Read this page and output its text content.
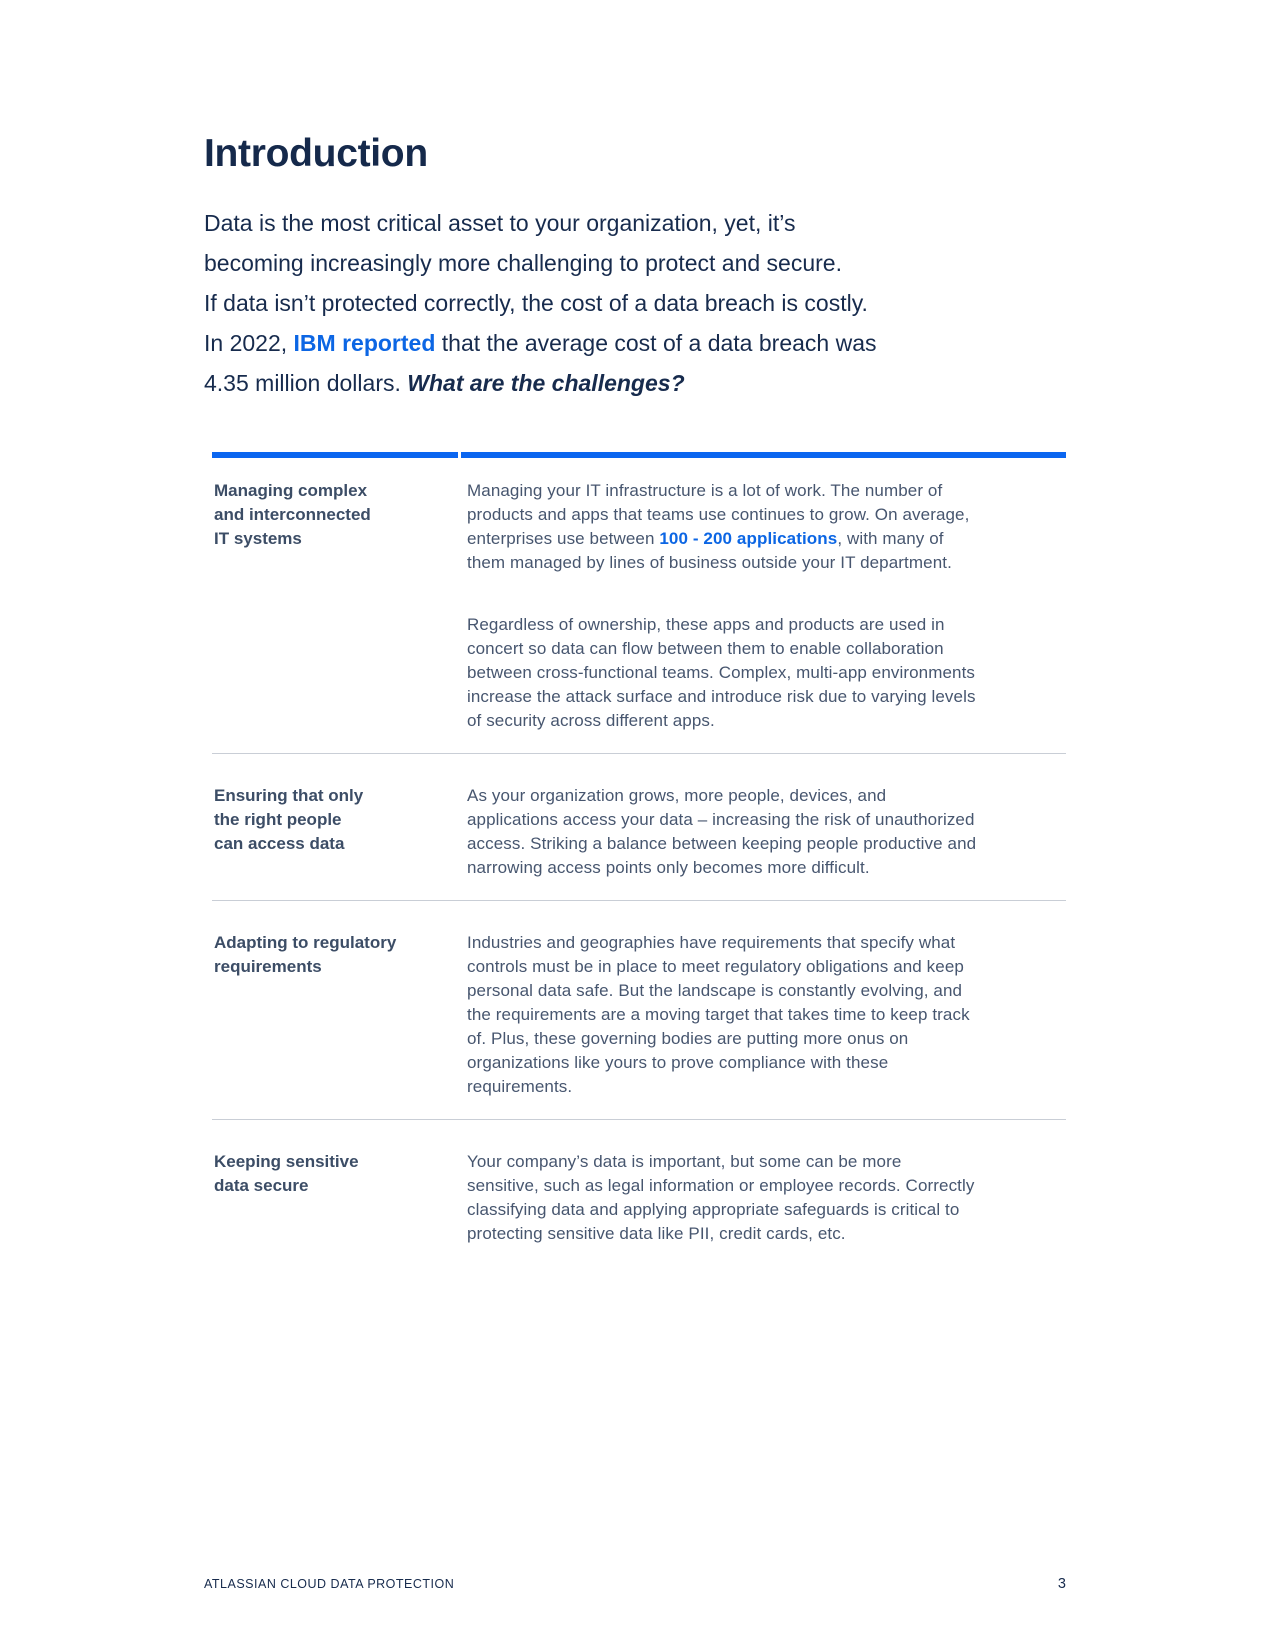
Introduction

Data is the most critical asset to your organization, yet, it’s
becoming increasingly more challenging to protect and secure.
If data isn’t protected correctly, the cost of a data breach is costly.
In 2022, IBM reported that the average cost of a data breach was
4.35 million dollars. What are the challenges?

Managing complex
and interconnected
IT systems

Managing your IT infrastructure is a lot of work. The number of products and apps that teams use continues to grow. On average, enterprises use between 100 - 200 applications, with many of them managed by lines of business outside your IT department.

Regardless of ownership, these apps and products are used in concert so data can flow between them to enable collaboration between cross-functional teams. Complex, multi-app environments increase the attack surface and introduce risk due to varying levels of security across different apps.

Ensuring that only
the right people
can access data

As your organization grows, more people, devices, and applications access your data – increasing the risk of unauthorized access. Striking a balance between keeping people productive and narrowing access points only becomes more difficult.

Adapting to regulatory
requirements

Industries and geographies have requirements that specify what controls must be in place to meet regulatory obligations and keep personal data safe. But the landscape is constantly evolving, and the requirements are a moving target that takes time to keep track of. Plus, these governing bodies are putting more onus on organizations like yours to prove compliance with these requirements.

Keeping sensitive
data secure

Your company’s data is important, but some can be more sensitive, such as legal information or employee records. Correctly classifying data and applying appropriate safeguards is critical to protecting sensitive data like PII, credit cards, etc.

ATLASSIAN CLOUD DATA PROTECTION	3
